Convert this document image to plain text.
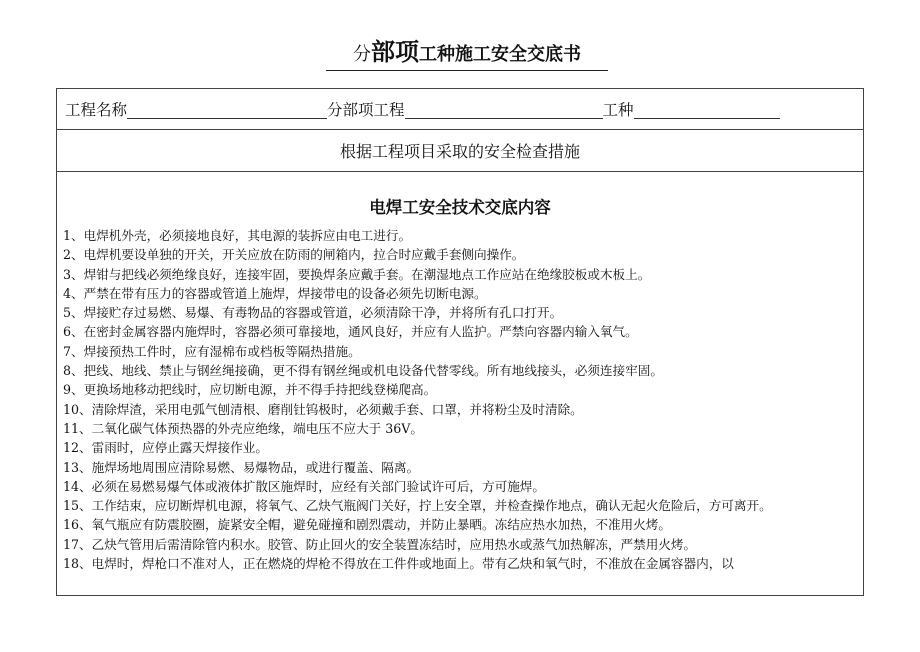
分部项工种施工安全交底书
工程名称	分部项工程	工种
根据工程项目采取的安全检查措施
电焊工安全技术交底内容
1、电焊机外壳，必须接地良好，其电源的装拆应由电工进行。
2、电焊机要设单独的开关，开关应放在防雨的闸箱内，拉合时应戴手套侧向操作。
3、焊钳与把线必须绝缘良好，连接牢固，要换焊条应戴手套。在潮湿地点工作应站在绝缘胶板或木板上。
4、严禁在带有压力的容器或管道上施焊，焊接带电的设备必须先切断电源。
5、焊接贮存过易燃、易爆、有毒物品的容器或管道，必须清除干净，并将所有孔口打开。
6、在密封金属容器内施焊时，容器必须可靠接地，通风良好，并应有人监护。严禁向容器内输入氧气。
7、焊接预热工件时，应有湿棉布或档板等隔热措施。
8、把线、地线、禁止与钢丝绳接确，更不得有钢丝绳或机电设备代替零线。所有地线接头，必须连接牢固。
9、更换场地移动把线时，应切断电源，并不得手持把线登梯爬高。
10、清除焊渣，采用电弧气刨清根、磨削钍钨极时，必须戴手套、口罩，并将粉尘及时清除。
11、二氧化碳气体预热器的外壳应绝缘，端电压不应大于 36V。
12、雷雨时，应停止露天焊接作业。
13、施焊场地周围应清除易燃、易爆物品，或进行覆盖、隔离。
14、必须在易燃易爆气体或液体扩散区施焊时，应经有关部门验试许可后，方可施焊。
15、工作结束，应切断焊机电源，将氧气、乙炔气瓶阀门关好，拧上安全罩，并检查操作地点，确认无起火危险后，方可离开。
16、氧气瓶应有防震胶圈，旋紧安全帽，避免碰撞和剧烈震动，并防止暴晒。冻结应热水加热，不准用火烤。
17、乙炔气管用后需清除管内积水。胶管、防止回火的安全装置冻结时，应用热水或蒸气加热解冻，严禁用火烤。
18、电焊时，焊枪口不准对人，正在燃烧的焊枪不得放在工件件或地面上。带有乙炔和氧气时，不准放在金属容器内，以
